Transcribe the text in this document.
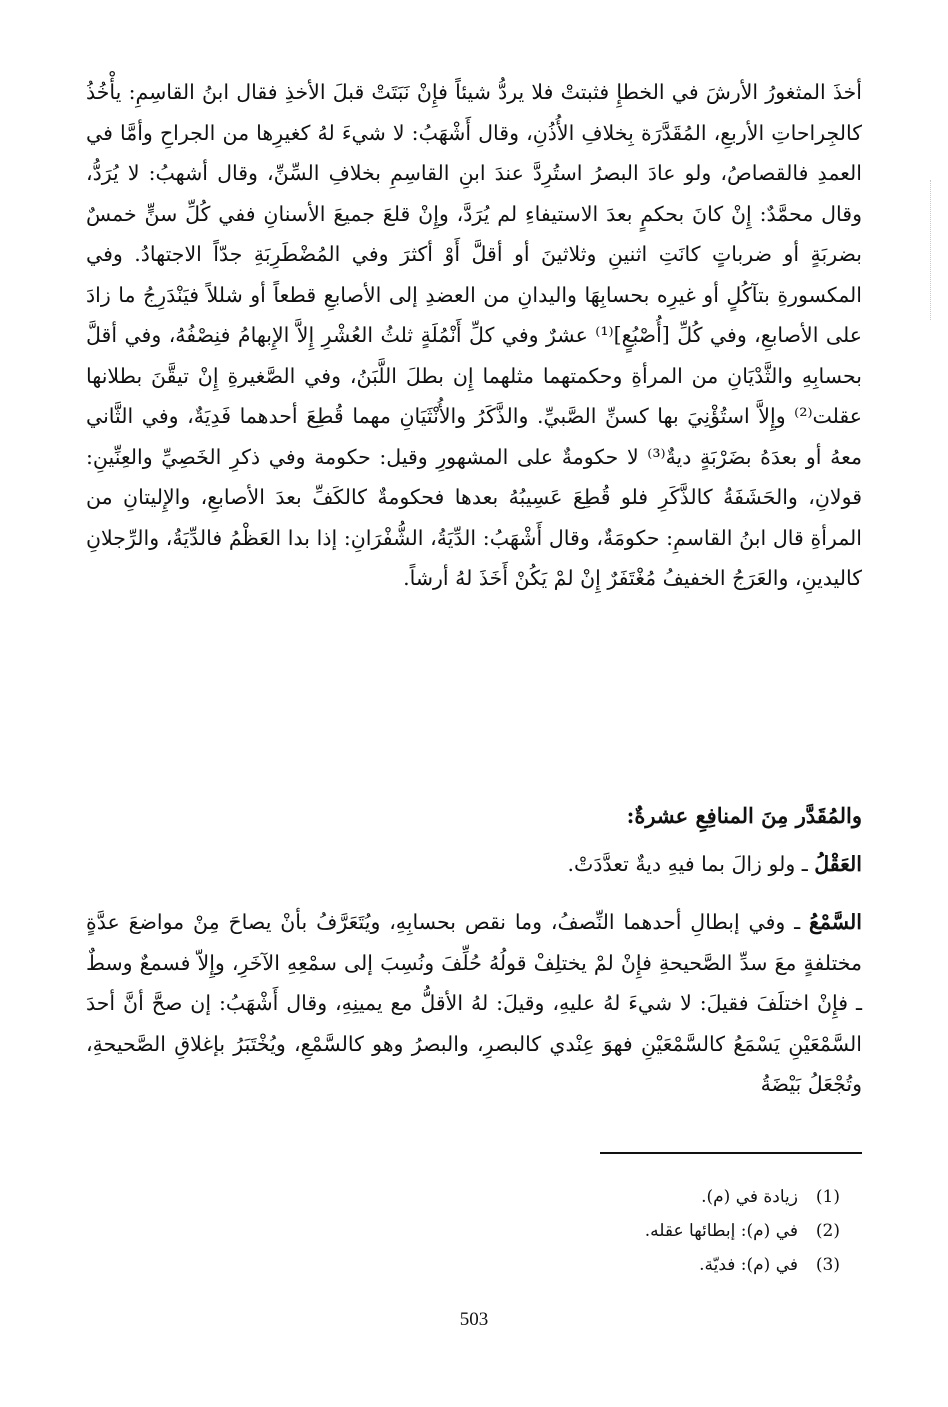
أخذَ المثغورُ الأرشَ في الخطإِ فثبتتْ فلا يردُّ شيئاً فإِنْ نَبَتَتْ قبلَ الأخذِ فقال ابنُ القاسِمِ: يأْخُذُ كالجِراحاتِ الأربعِ، المُقَدَّرَة بِخلافِ الأُذُنِ، وقال أَشْهَبُ: لا شيءَ لهُ كغيرِها من الجراحِ وأمَّا في العمدِ فالقصاصُ، ولو عادَ البصرُ استُرِدَّ عندَ ابنِ القاسِمِ بخلافِ السِّنِّ، وقال أشهبُ: لا يُرَدُّ، وقال محمَّدٌ: إِنْ كانَ بحكمٍ بعدَ الاستيفاءِ لم يُرَدَّ، وإِنْ قلعَ جميعَ الأسنانِ ففي كُلِّ سنٍّ خمسٌ بضربَةٍ أو ضرباتٍ كانَتِ اثنينِ وثلاثينَ أو أقلَّ أَوْ أكثرَ وفي المُضْطَرِبَةِ جدّاً الاجتهادُ. وفي المكسورةِ بتآكُلٍ أو غيرِه بحسابِهَا واليدانِ من العضدِ إلى الأصابعِ قطعاً أو شللاً فيَنْدَرِجُ ما زادَ على الأصابعِ، وفي كُلِّ [أُصْبُعٍ]⁽¹⁾ عشرٌ وفي كلِّ أَنْمُلَةٍ ثلثُ العُشْرِ إِلاَّ الإِبهامُ فنِصْفُهُ، وفي أقلَّ بحسابِهِ والثَّدْيَانِ من المرأةِ وحكمتهما مثلهما إِن بطلَ اللَّبَنُ، وفي الصَّغيرةِ إِنْ تيقَّنَ بطلانها عقلت⁽²⁾ وإِلاَّ استُؤْنِيَ بها كسنِّ الصَّبيِّ. والذَّكَرُ والأُنْثَيَانِ مهما قُطِعَ أحدهما فَدِيَةٌ، وفي الثَّاني معهُ أو بعدَهُ بضَرْبَةٍ ديةٌ⁽³⁾ لا حكومةٌ على المشهورِ وقيل: حكومة وفي ذكرِ الخَصِيِّ والعِنِّينِ: قولانِ، والحَشَفَةُ كالذَّكَرِ فلو قُطِعَ عَسِيبُهُ بعدها فحكومةٌ كالكَفِّ بعدَ الأصابعِ، والإِليتانِ من المرأةِ قال ابنُ القاسمِ: حكومَةٌ، وقال أَشْهَبُ: الدِّيَةُ، الشُّفْرَانِ: إذا بدا العَظْمُ فالدِّيَةُ، والرِّجلانِ كاليدينِ، والعَرَجُ الخفيفُ مُغْتَفَرٌ إِنْ لمْ يَكُنْ أَخَذَ لهُ أرشاً.

والمُقَدَّر مِنَ المنافِعِ عشرةٌ:

العَقْلُ ـ ولو زالَ بما فيهِ ديةٌ تعدَّدَتْ.

السَّمْعُ ـ وفي إبطالِ أحدهما النِّصفُ، وما نقص بحسابِهِ، ويُتَعَرَّفُ بأنْ يصاحَ مِنْ مواضعَ عدَّةٍ مختلفةٍ معَ سدِّ الصَّحيحةِ فإِنْ لمْ يختلِفْ قولُهُ حُلِّفَ ونُسِبَ إلى سمْعِهِ الآخَرِ، وإِلاّ فسمعٌ وسطٌ ـ فإِنْ اختلَفَ فقيلَ: لا شيءَ لهُ عليهِ، وقيلَ: لهُ الأقلُّ مع يمينِهِ، وقال أَشْهَبُ: إن صحَّ أنَّ أحدَ السَّمْعَيْنِ يَسْمَعُ كالسَّمْعَيْنِ فهوَ عِنْدي كالبصرِ، والبصرُ وهو كالسَّمْعِ، ويُخْتَبَرُ بإغلاقِ الصَّحيحةِ، وتُجْعَلُ بَيْضَةُ

(1)
زيادة في (م).
(2)
في (م): إبطائها عقله.
(3)
في (م): فديّة.
503
